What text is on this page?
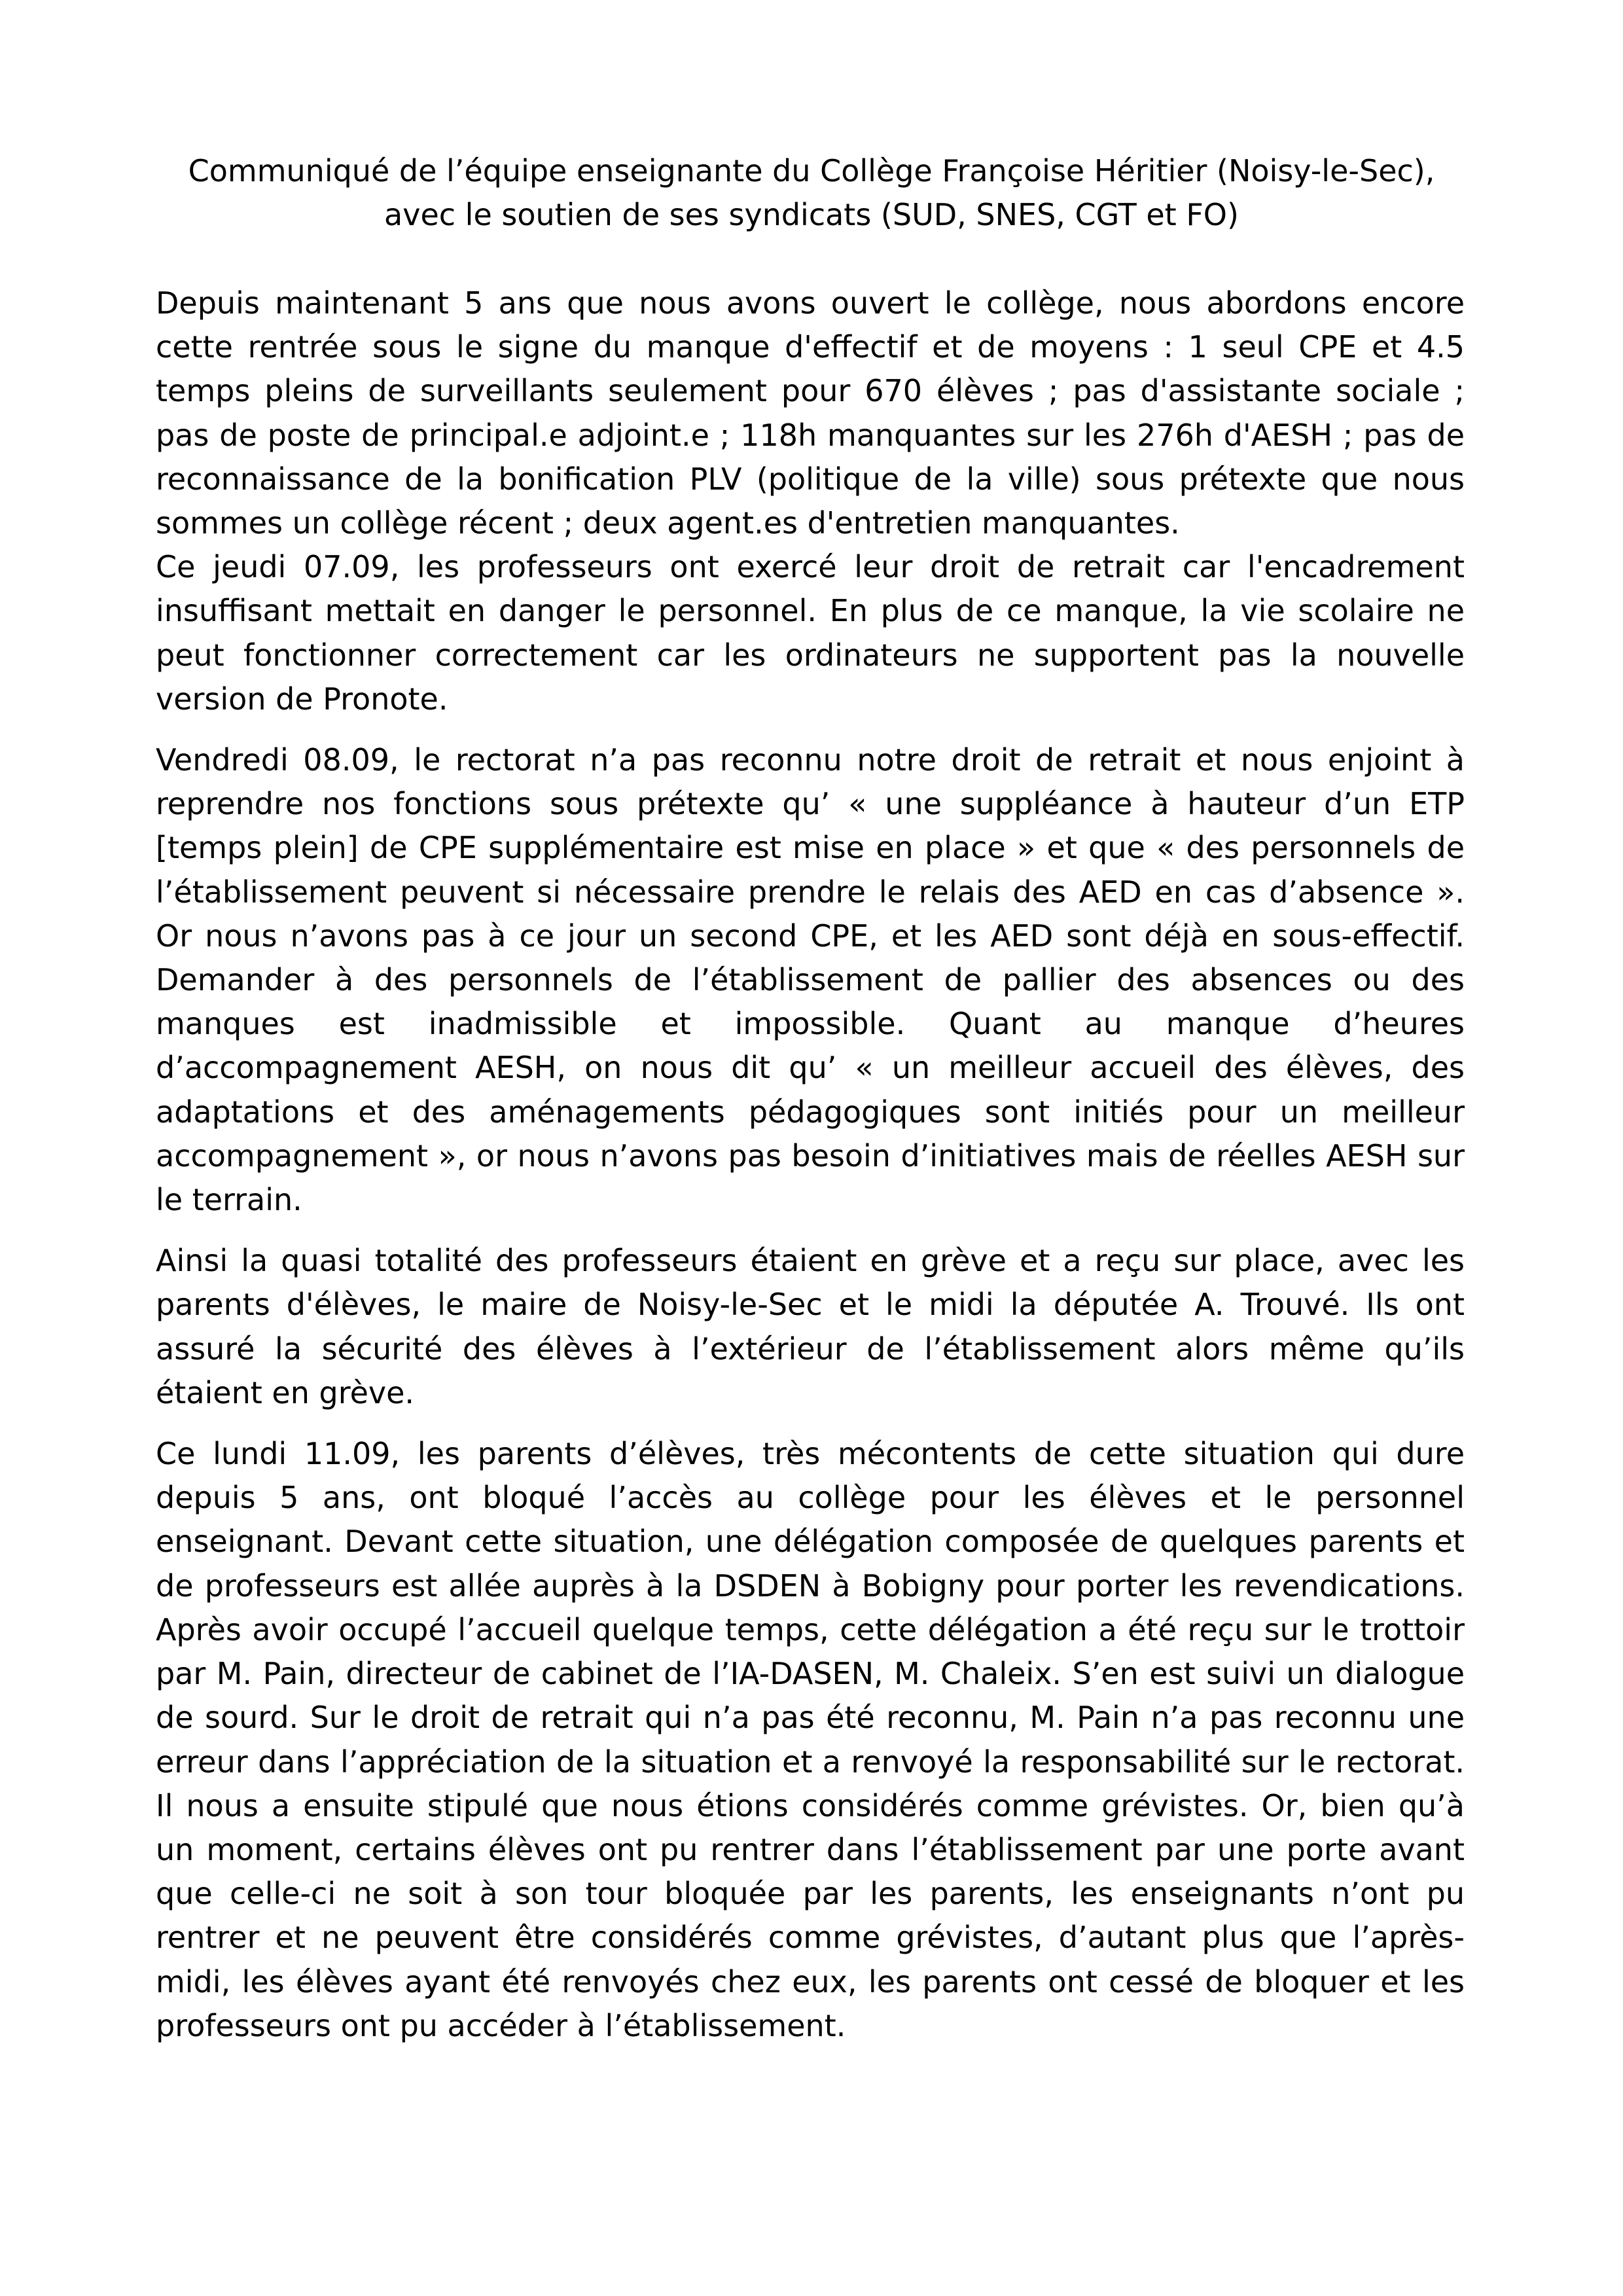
Communiqué de l’équipe enseignante du Collège Françoise Héritier (Noisy-le-Sec), avec le soutien de ses syndicats (SUD, SNES, CGT et FO)

Depuis maintenant 5 ans que nous avons ouvert le collège, nous abordons encore cette rentrée sous le signe du manque d'effectif et de moyens : 1 seul CPE et 4.5 temps pleins de surveillants seulement pour 670 élèves ; pas d'assistante sociale ; pas de poste de principal.e adjoint.e ; 118h manquantes sur les 276h d'AESH ; pas de reconnaissance de la bonification PLV (politique de la ville) sous prétexte que nous sommes un collège récent ; deux agent.es d'entretien manquantes.

Ce jeudi 07.09, les professeurs ont exercé leur droit de retrait car l'encadrement insuffisant mettait en danger le personnel. En plus de ce manque, la vie scolaire ne peut fonctionner correctement car les ordinateurs ne supportent pas la nouvelle version de Pronote.

Vendredi 08.09, le rectorat n’a pas reconnu notre droit de retrait et nous enjoint à reprendre nos fonctions sous prétexte qu’ « une suppléance à hauteur d’un ETP [temps plein] de CPE supplémentaire est mise en place » et que « des personnels de l’établissement peuvent si nécessaire prendre le relais des AED en cas d’absence ». Or nous n’avons pas à ce jour un second CPE, et les AED sont déjà en sous-effectif. Demander à des personnels de l’établissement de pallier des absences ou des manques est inadmissible et impossible. Quant au manque d’heures d’accompagnement AESH, on nous dit qu’ « un meilleur accueil des élèves, des adaptations et des aménagements pédagogiques sont initiés pour un meilleur accompagnement », or nous n’avons pas besoin d’initiatives mais de réelles AESH sur le terrain.

Ainsi la quasi totalité des professeurs étaient en grève et a reçu sur place, avec les parents d'élèves, le maire de Noisy-le-Sec et le midi la députée A. Trouvé. Ils ont assuré la sécurité des élèves à l’extérieur de l’établissement alors même qu’ils étaient en grève.

Ce lundi 11.09, les parents d’élèves, très mécontents de cette situation qui dure depuis 5 ans, ont bloqué l’accès au collège pour les élèves et le personnel enseignant. Devant cette situation, une délégation composée de quelques parents et de professeurs est allée auprès à la DSDEN à Bobigny pour porter les revendications. Après avoir occupé l’accueil quelque temps, cette délégation a été reçu sur le trottoir par M. Pain, directeur de cabinet de l’IA-DASEN, M. Chaleix. S’en est suivi un dialogue de sourd. Sur le droit de retrait qui n’a pas été reconnu, M. Pain n’a pas reconnu une erreur dans l’appréciation de la situation et a renvoyé la responsabilité sur le rectorat. Il nous a ensuite stipulé que nous étions considérés comme grévistes. Or, bien qu’à un moment, certains élèves ont pu rentrer dans l’établissement par une porte avant que celle-ci ne soit à son tour bloquée par les parents, les enseignants n’ont pu rentrer et ne peuvent être considérés comme grévistes, d’autant plus que l’après-midi, les élèves ayant été renvoyés chez eux, les parents ont cessé de bloquer et les professeurs ont pu accéder à l’établissement.
